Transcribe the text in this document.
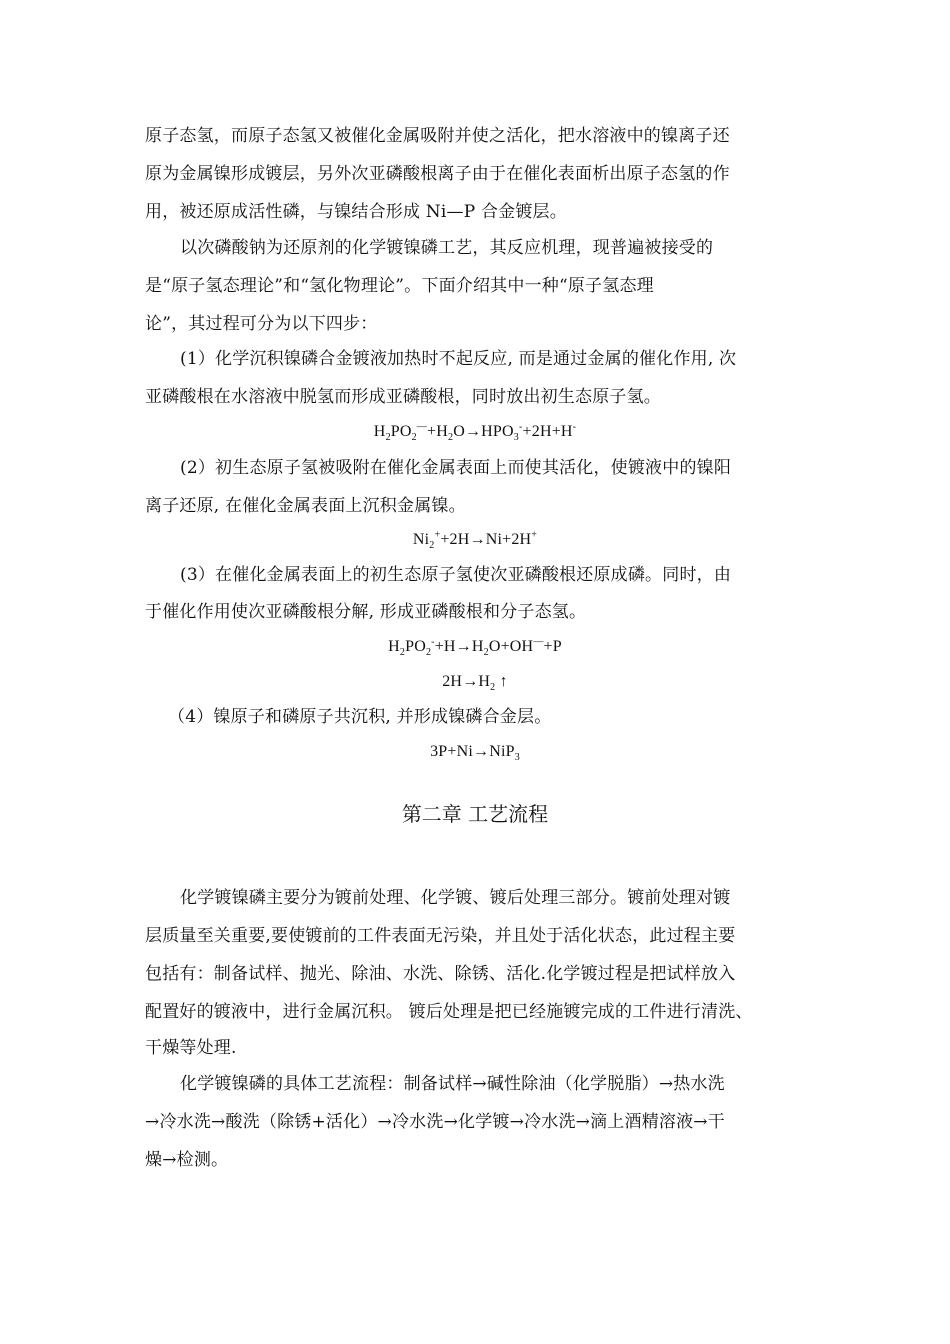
原子态氢，而原子态氢又被催化金属吸附并使之活化，把水溶液中的镍离子还
原为金属镍形成镀层，另外次亚磷酸根离子由于在催化表面析出原子态氢的作
用，被还原成活性磷，与镍结合形成 Ni—P 合金镀层。
以次磷酸钠为还原剂的化学镀镍磷工艺，其反应机理，现普遍被接受的
是“原子氢态理论”和“氢化物理论”。下面介绍其中一种“原子氢态理
论”，其过程可分为以下四步：
(1）化学沉积镍磷合金镀液加热时不起反应, 而是通过金属的催化作用, 次
亚磷酸根在水溶液中脱氢而形成亚磷酸根，同时放出初生态原子氢。
$H_2PO_2^—+H_2O\to HPO_3^-+2H+H^-$
(2）初生态原子氢被吸附在催化金属表面上而使其活化，使镀液中的镍阳
离子还原, 在催化金属表面上沉积金属镍。
$Ni_2^++2H\to Ni+2H^+$
(3）在催化金属表面上的初生态原子氢使次亚磷酸根还原成磷。同时，由
于催化作用使次亚磷酸根分解, 形成亚磷酸根和分子态氢。
$H_2PO_2^-+H\to H_2O+OH^—+P$
$2H\to H_2$ ↑
（4）镍原子和磷原子共沉积, 并形成镍磷合金层。
3P+Ni→NiP$_3$
第二章 工艺流程
化学镀镍磷主要分为镀前处理、化学镀、镀后处理三部分。镀前处理对镀
层质量至关重要,要使镀前的工件表面无污染，并且处于活化状态，此过程主要
包括有：制备试样、抛光、除油、水洗、除锈、活化.化学镀过程是把试样放入
配置好的镀液中，进行金属沉积。 镀后处理是把已经施镀完成的工件进行清洗、
干燥等处理.
化学镀镍磷的具体工艺流程：制备试样→碱性除油（化学脱脂）→热水洗
→冷水洗→酸洗（除锈+活化）→冷水洗→化学镀→冷水洗→滴上酒精溶液→干
燥→检测。
